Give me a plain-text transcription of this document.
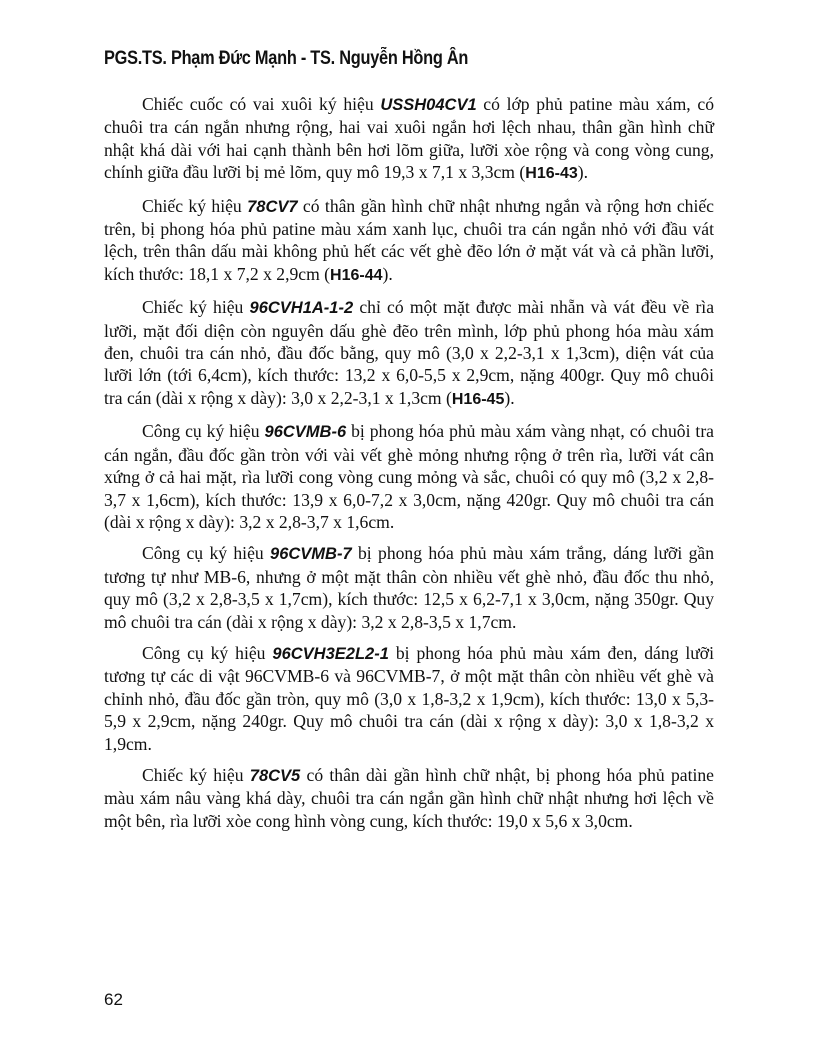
PGS.TS. Phạm Đức Mạnh - TS. Nguyễn Hồng Ân

Chiếc cuốc có vai xuôi ký hiệu USSH04CV1 có lớp phủ patine màu xám, có chuôi tra cán ngắn nhưng rộng, hai vai xuôi ngắn hơi lệch nhau, thân gần hình chữ nhật khá dài với hai cạnh thành bên hơi lõm giữa, lưỡi xòe rộng và cong vòng cung, chính giữa đầu lưỡi bị mẻ lõm, quy mô 19,3 x 7,1 x 3,3cm (H16-43).

Chiếc ký hiệu 78CV7 có thân gần hình chữ nhật nhưng ngắn và rộng hơn chiếc trên, bị phong hóa phủ patine màu xám xanh lục, chuôi tra cán ngắn nhỏ với đầu vát lệch, trên thân dấu mài không phủ hết các vết ghè đẽo lớn ở mặt vát và cả phần lưỡi, kích thước: 18,1 x 7,2 x 2,9cm (H16-44).

Chiếc ký hiệu 96CVH1A-1-2 chỉ có một mặt được mài nhẵn và vát đều về rìa lưỡi, mặt đối diện còn nguyên dấu ghè đẽo trên mình, lớp phủ phong hóa màu xám đen, chuôi tra cán nhỏ, đầu đốc bằng, quy mô (3,0 x 2,2-3,1 x 1,3cm), diện vát của lưỡi lớn (tới 6,4cm), kích thước: 13,2 x 6,0-5,5 x 2,9cm, nặng 400gr. Quy mô chuôi tra cán (dài x rộng x dày): 3,0 x 2,2-3,1 x 1,3cm (H16-45).

Công cụ ký hiệu 96CVMB-6 bị phong hóa phủ màu xám vàng nhạt, có chuôi tra cán ngắn, đầu đốc gần tròn với vài vết ghè mỏng nhưng rộng ở trên rìa, lưỡi vát cân xứng ở cả hai mặt, rìa lưỡi cong vòng cung mỏng và sắc, chuôi có quy mô (3,2 x 2,8-3,7 x 1,6cm), kích thước: 13,9 x 6,0-7,2 x 3,0cm, nặng 420gr. Quy mô chuôi tra cán (dài x rộng x dày): 3,2 x 2,8-3,7 x 1,6cm.

Công cụ ký hiệu 96CVMB-7 bị phong hóa phủ màu xám trắng, dáng lưỡi gần tương tự như MB-6, nhưng ở một mặt thân còn nhiều vết ghè nhỏ, đầu đốc thu nhỏ, quy mô (3,2 x 2,8-3,5 x 1,7cm), kích thước: 12,5 x 6,2-7,1 x 3,0cm, nặng 350gr. Quy mô chuôi tra cán (dài x rộng x dày): 3,2 x 2,8-3,5 x 1,7cm.

Công cụ ký hiệu 96CVH3E2L2-1 bị phong hóa phủ màu xám đen, dáng lưỡi tương tự các di vật 96CVMB-6 và 96CVMB-7, ở một mặt thân còn nhiều vết ghè và chỉnh nhỏ, đầu đốc gần tròn, quy mô (3,0 x 1,8-3,2 x 1,9cm), kích thước: 13,0 x 5,3-5,9 x 2,9cm, nặng 240gr. Quy mô chuôi tra cán (dài x rộng x dày): 3,0 x 1,8-3,2 x 1,9cm.

Chiếc ký hiệu 78CV5 có thân dài gần hình chữ nhật, bị phong hóa phủ patine màu xám nâu vàng khá dày, chuôi tra cán ngắn gần hình chữ nhật nhưng hơi lệch về một bên, rìa lưỡi xòe cong hình vòng cung, kích thước: 19,0 x 5,6 x 3,0cm.

62
